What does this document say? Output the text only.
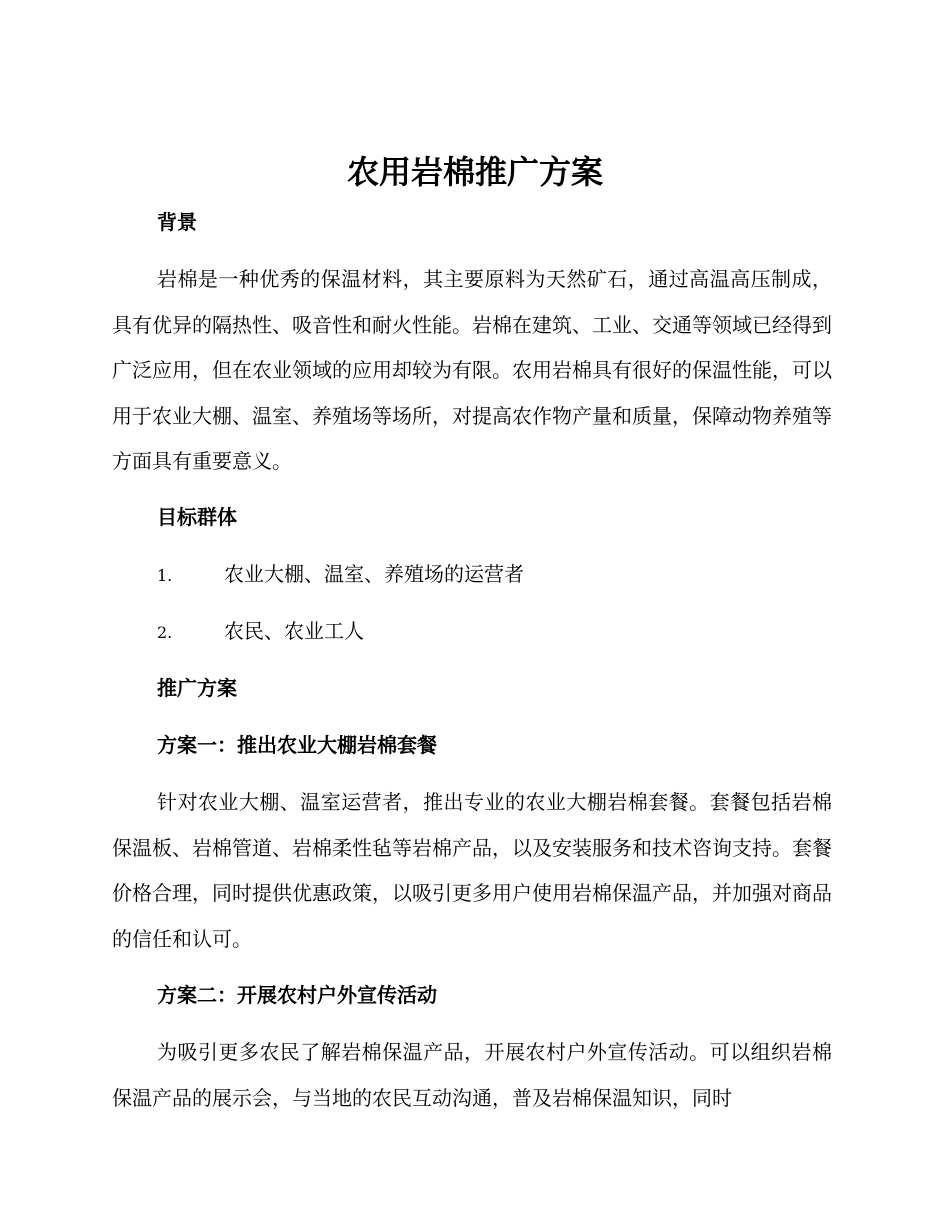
农用岩棉推广方案
背景

岩棉是一种优秀的保温材料，其主要原料为天然矿石，通过高温高压制成，具有优异的隔热性、吸音性和耐火性能。岩棉在建筑、工业、交通等领域已经得到广泛应用，但在农业领域的应用却较为有限。农用岩棉具有很好的保温性能，可以用于农业大棚、温室、养殖场等场所，对提高农作物产量和质量，保障动物养殖等方面具有重要意义。

目标群体
1.	农业大棚、温室、养殖场的运营者
2.	农民、农业工人
推广方案
方案一：推出农业大棚岩棉套餐

针对农业大棚、温室运营者，推出专业的农业大棚岩棉套餐。套餐包括岩棉保温板、岩棉管道、岩棉柔性毡等岩棉产品，以及安装服务和技术咨询支持。套餐价格合理，同时提供优惠政策，以吸引更多用户使用岩棉保温产品，并加强对商品的信任和认可。

方案二：开展农村户外宣传活动

为吸引更多农民了解岩棉保温产品，开展农村户外宣传活动。可以组织岩棉保温产品的展示会，与当地的农民互动沟通，普及岩棉保温知识，同时
